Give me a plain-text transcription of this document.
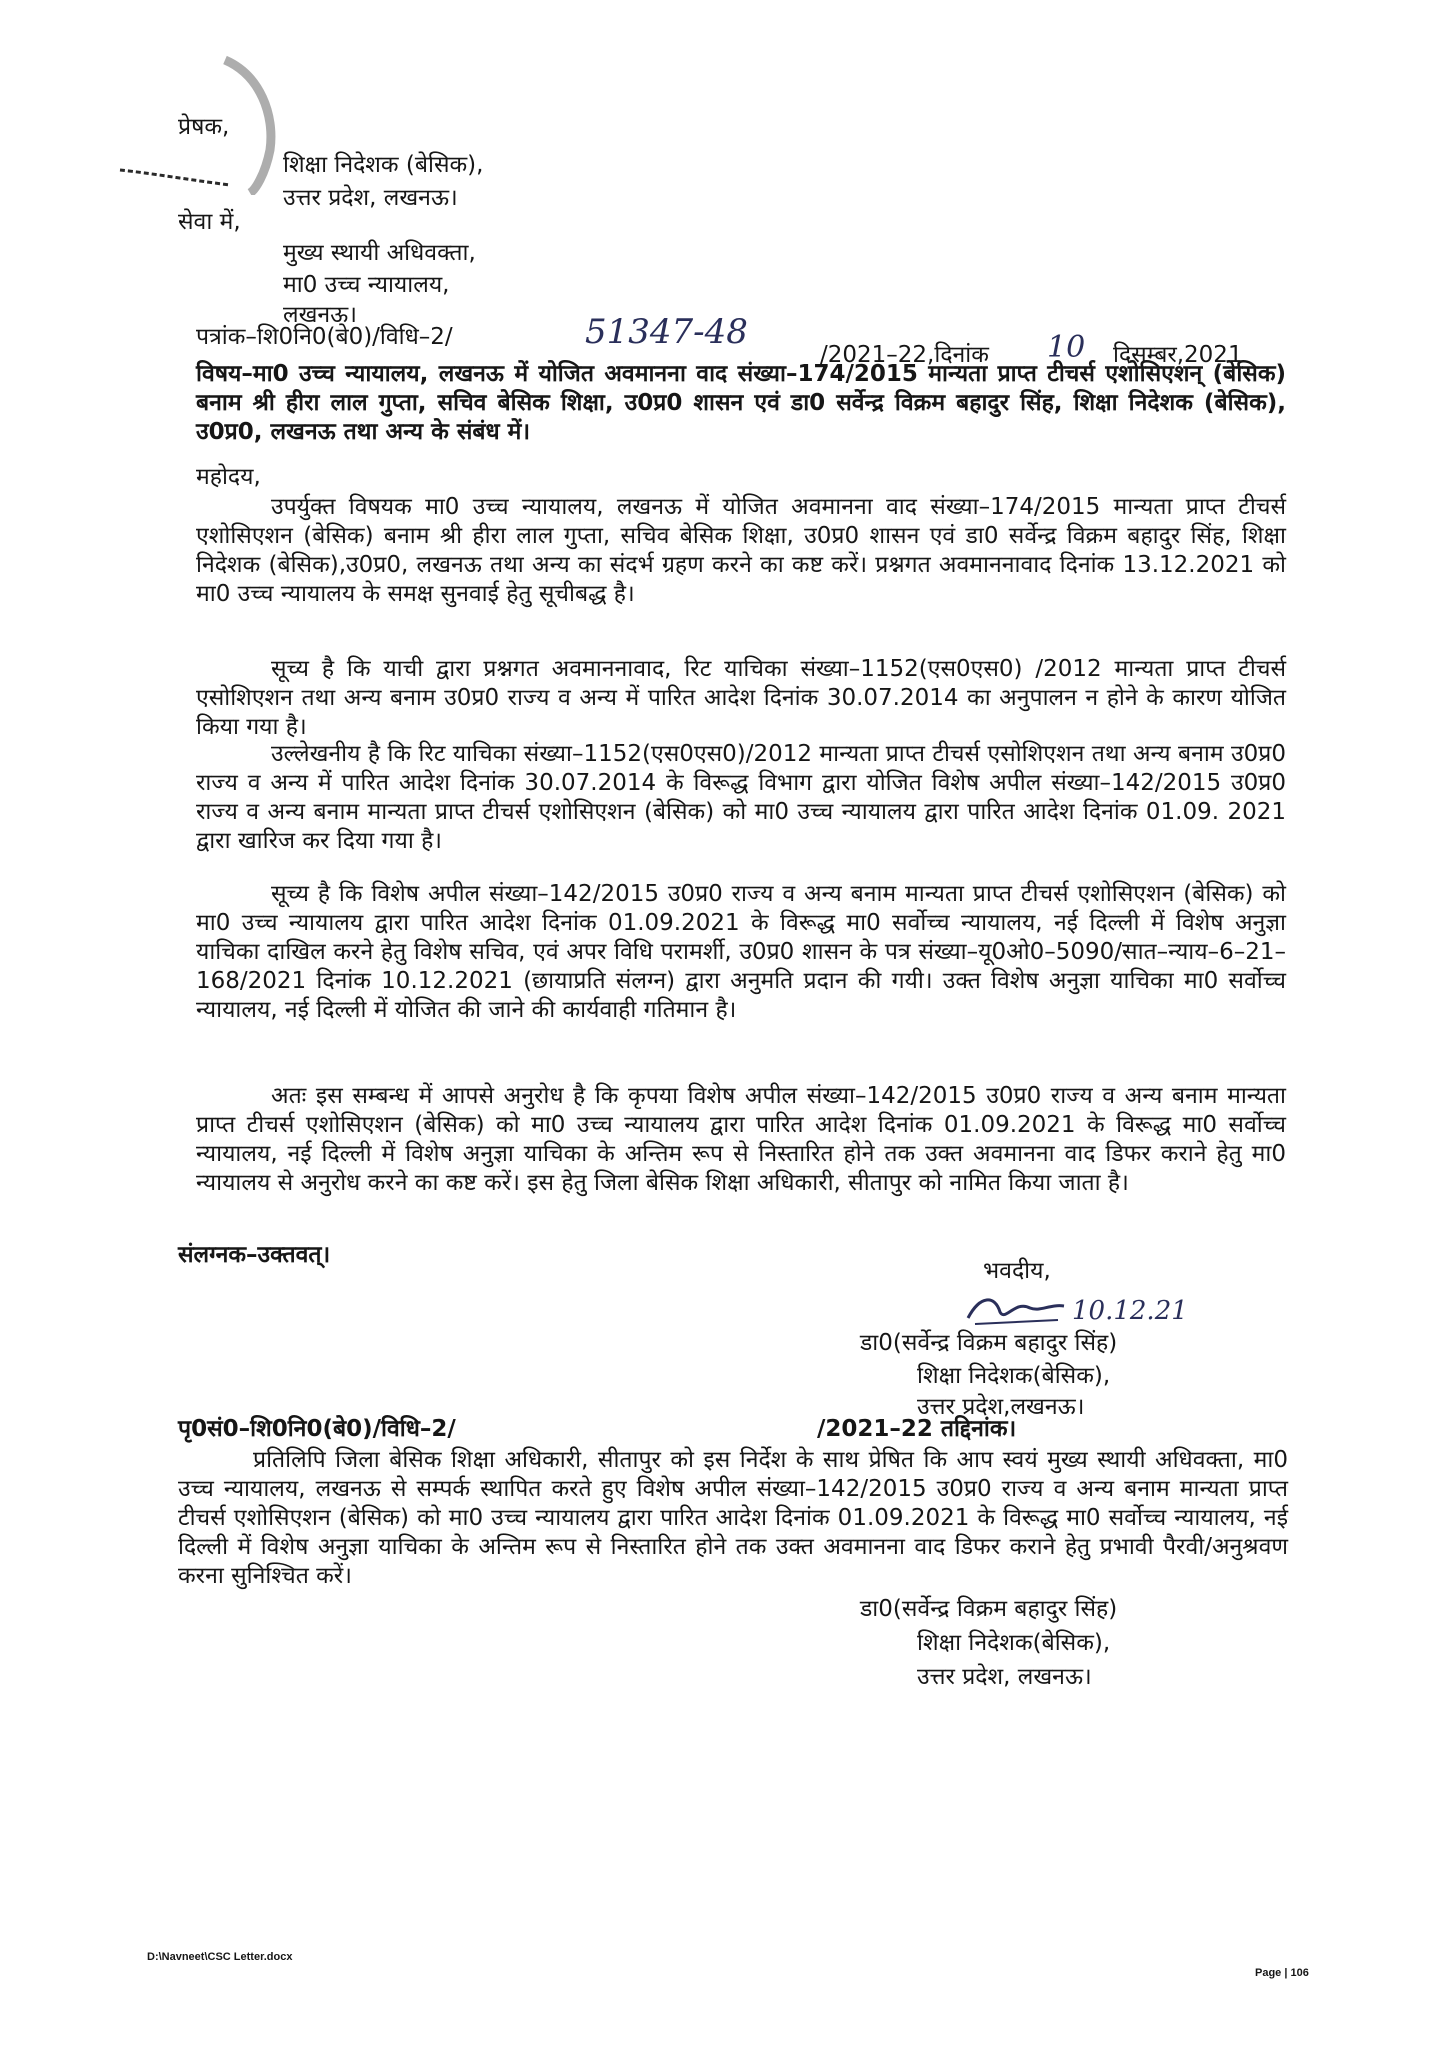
प्रेषक,

शिक्षा निदेशक (बेसिक),

उत्तर प्रदेश, लखनऊ।

सेवा में,

मुख्य स्थायी अधिवक्ता,

मा0 उच्च न्यायालय,

लखनऊ।

पत्रांक–शि0नि0(बे0)/विधि–2/	51347-48

/2021–22,दिनांक 10 दिसम्बर,2021

विषय–मा0 उच्च न्यायालय, लखनऊ में योजित अवमानना वाद संख्या–174/2015 मान्यता प्राप्त टीचर्स एशोसिएशन् (बेसिक) बनाम श्री हीरा लाल गुप्ता, सचिव बेसिक शिक्षा, उ0प्र0 शासन एवं डा0 सर्वेन्द्र विक्रम बहादुर सिंह, शिक्षा निदेशक (बेसिक), उ0प्र0, लखनऊ तथा अन्य के संबंध में।

महोदय,

उपर्युक्त विषयक मा0 उच्च न्यायालय, लखनऊ में योजित अवमानना वाद संख्या–174/2015 मान्यता प्राप्त टीचर्स एशोसिएशन (बेसिक) बनाम श्री हीरा लाल गुप्ता, सचिव बेसिक शिक्षा, उ0प्र0 शासन एवं डा0 सर्वेन्द्र विक्रम बहादुर सिंह, शिक्षा निदेशक (बेसिक),उ0प्र0, लखनऊ तथा अन्य का संदर्भ ग्रहण करने का कष्ट करें। प्रश्नगत अवमाननावाद दिनांक 13.12.2021 को मा0 उच्च न्यायालय के समक्ष सुनवाई हेतु सूचीबद्ध है।

सूच्य है कि याची द्वारा प्रश्नगत अवमाननावाद, रिट याचिका संख्या–1152(एस0एस0) /2012 मान्यता प्राप्त टीचर्स एसोशिएशन तथा अन्य बनाम उ0प्र0 राज्य व अन्य में पारित आदेश दिनांक 30.07.2014 का अनुपालन न होने के कारण योजित किया गया है।

उल्लेखनीय है कि रिट याचिका संख्या–1152(एस0एस0)/2012 मान्यता प्राप्त टीचर्स एसोशिएशन तथा अन्य बनाम उ0प्र0 राज्य व अन्य में पारित आदेश दिनांक 30.07.2014 के विरूद्ध विभाग द्वारा योजित विशेष अपील संख्या–142/2015 उ0प्र0 राज्य व अन्य बनाम मान्यता प्राप्त टीचर्स एशोसिएशन (बेसिक) को मा0 उच्च न्यायालय द्वारा पारित आदेश दिनांक 01.09. 2021 द्वारा खारिज कर दिया गया है।

सूच्य है कि विशेष अपील संख्या–142/2015 उ0प्र0 राज्य व अन्य बनाम मान्यता प्राप्त टीचर्स एशोसिएशन (बेसिक) को मा0 उच्च न्यायालय द्वारा पारित आदेश दिनांक 01.09.2021 के विरूद्ध मा0 सर्वोच्च न्यायालय, नई दिल्ली में विशेष अनुज्ञा याचिका दाखिल करने हेतु विशेष सचिव, एवं अपर विधि परामर्शी, उ0प्र0 शासन के पत्र संख्या–यू0ओ0–5090/सात–न्याय–6–21–168/2021 दिनांक 10.12.2021 (छायाप्रति संलग्न) द्वारा अनुमति प्रदान की गयी। उक्त विशेष अनुज्ञा याचिका मा0 सर्वोच्च न्यायालय, नई दिल्ली में योजित की जाने की कार्यवाही गतिमान है।

अतः इस सम्बन्ध में आपसे अनुरोध है कि कृपया विशेष अपील संख्या–142/2015 उ0प्र0 राज्य व अन्य बनाम मान्यता प्राप्त टीचर्स एशोसिएशन (बेसिक) को मा0 उच्च न्यायालय द्वारा पारित आदेश दिनांक 01.09.2021 के विरूद्ध मा0 सर्वोच्च न्यायालय, नई दिल्ली में विशेष अनुज्ञा याचिका के अन्तिम रूप से निस्तारित होने तक उक्त अवमानना वाद डिफर कराने हेतु मा0 न्यायालय से अनुरोध करने का कष्ट करें। इस हेतु जिला बेसिक शिक्षा अधिकारी, सीतापुर को नामित किया जाता है।

संलग्नक–उक्तवत्।

भवदीय,

10.12.21

डा0(सर्वेन्द्र विक्रम बहादुर सिंह)

शिक्षा निदेशक(बेसिक),

उत्तर प्रदेश,लखनऊ।

पृ0सं0–शि0नि0(बे0)/विधि–2/	/2021–22 तद्दिनांक।

प्रतिलिपि जिला बेसिक शिक्षा अधिकारी, सीतापुर को इस निर्देश के साथ प्रेषित कि आप स्वयं मुख्य स्थायी अधिवक्ता, मा0 उच्च न्यायालय, लखनऊ से सम्पर्क स्थापित करते हुए विशेष अपील संख्या–142/2015 उ0प्र0 राज्य व अन्य बनाम मान्यता प्राप्त टीचर्स एशोसिएशन (बेसिक) को मा0 उच्च न्यायालय द्वारा पारित आदेश दिनांक 01.09.2021 के विरूद्ध मा0 सर्वोच्च न्यायालय, नई दिल्ली में विशेष अनुज्ञा याचिका के अन्तिम रूप से निस्तारित होने तक उक्त अवमानना वाद डिफर कराने हेतु प्रभावी पैरवी/अनुश्रवण करना सुनिश्चित करें।

डा0(सर्वेन्द्र विक्रम बहादुर सिंह)

शिक्षा निदेशक(बेसिक),

उत्तर प्रदेश, लखनऊ।

D:\Navneet\CSC Letter.docx

Page | 106
